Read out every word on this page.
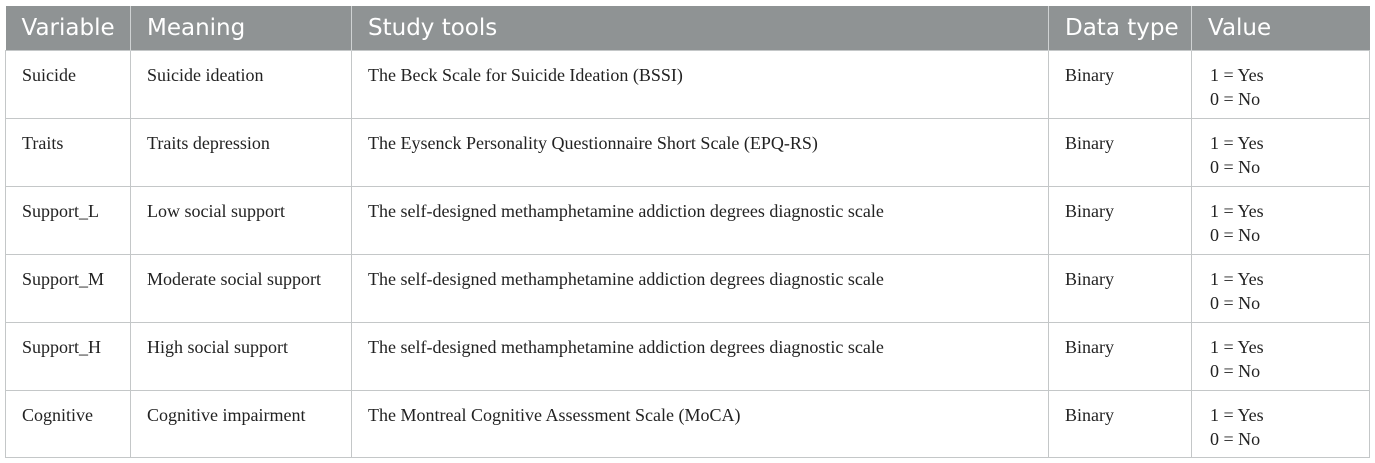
Variable	Meaning	Study tools	Data type	Value
Suicide	Suicide ideation	The Beck Scale for Suicide Ideation (BSSI)	Binary	1 = Yes
0 = No

Traits	Traits depression	The Eysenck Personality Questionnaire Short Scale (EPQ-RS)	Binary	1 = Yes
0 = No

Support_L	Low social support	The self-designed methamphetamine addiction degrees diagnostic scale	Binary	1 = Yes
0 = No

Support_M	Moderate social support	The self-designed methamphetamine addiction degrees diagnostic scale	Binary	1 = Yes
0 = No

Support_H	High social support	The self-designed methamphetamine addiction degrees diagnostic scale	Binary	1 = Yes
0 = No

Cognitive	Cognitive impairment	The Montreal Cognitive Assessment Scale (MoCA)	Binary	1 = Yes
0 = No
